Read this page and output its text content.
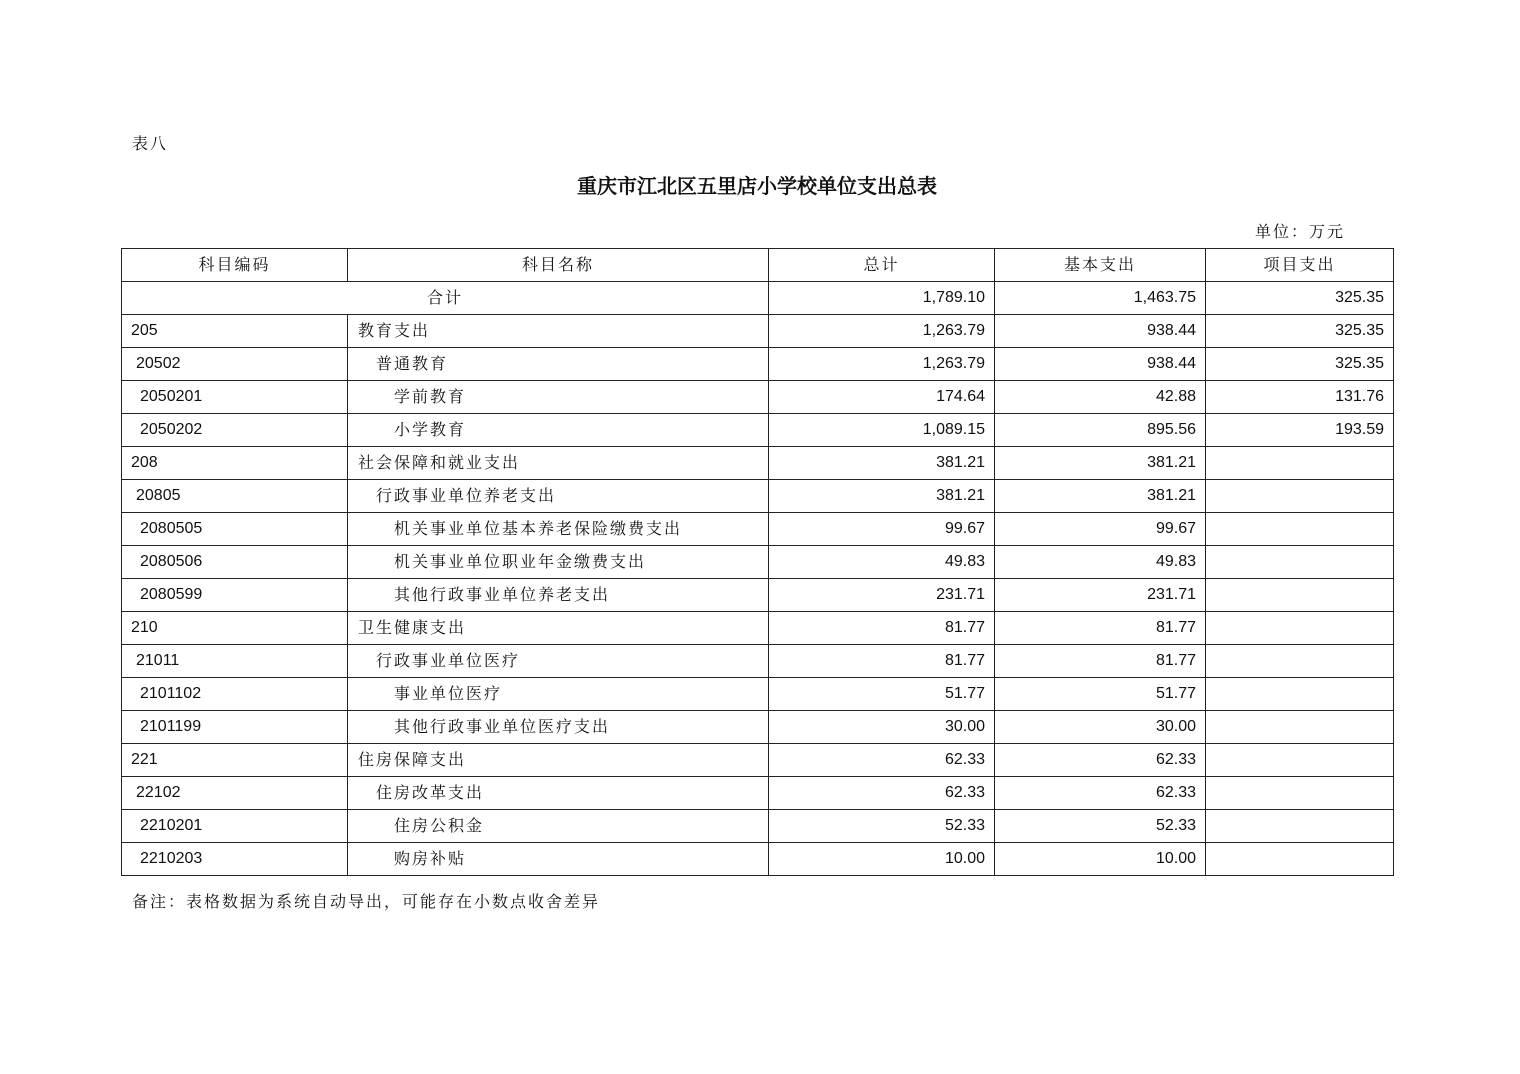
表八
重庆市江北区五里店小学校单位支出总表
单位：万元
科目编码	科目名称	总计	基本支出	项目支出
合计		1,789.10	1,463.75	325.35
205	教育支出	1,263.79	938.44	325.35
20502	普通教育	1,263.79	938.44	325.35
2050201	学前教育	174.64	42.88	131.76
2050202	小学教育	1,089.15	895.56	193.59
208	社会保障和就业支出	381.21	381.21	
20805	行政事业单位养老支出	381.21	381.21	
2080505	机关事业单位基本养老保险缴费支出	99.67	99.67	
2080506	机关事业单位职业年金缴费支出	49.83	49.83	
2080599	其他行政事业单位养老支出	231.71	231.71	
210	卫生健康支出	81.77	81.77	
21011	行政事业单位医疗	81.77	81.77	
2101102	事业单位医疗	51.77	51.77	
2101199	其他行政事业单位医疗支出	30.00	30.00	
221	住房保障支出	62.33	62.33	
22102	住房改革支出	62.33	62.33	
2210201	住房公积金	52.33	52.33	
2210203	购房补贴	10.00	10.00	
备注：表格数据为系统自动导出，可能存在小数点收舍差异
